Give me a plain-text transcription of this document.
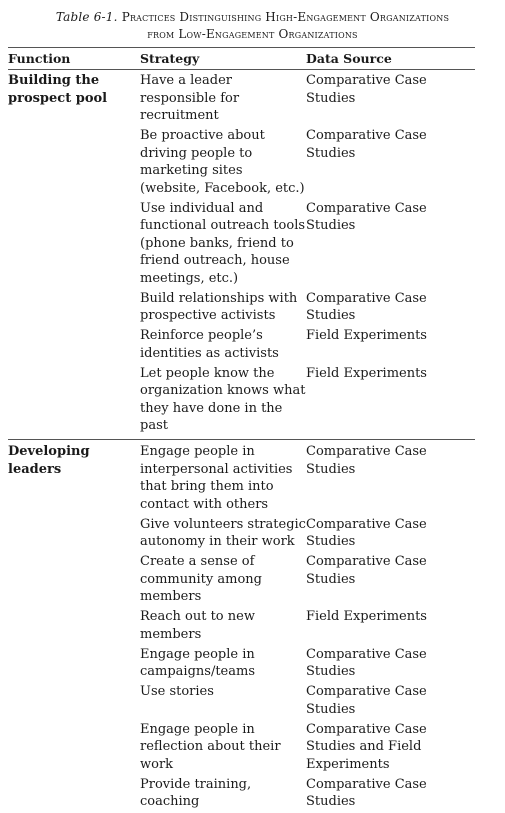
Table 6-1. Practices Distinguishing High-Engagement Organizations
from Low-Engagement Organizations
Function	Strategy	Data Source
Building the prospect pool	Have a leader responsible for recruitment	Comparative Case Studies
	Be proactive about driving people to marketing sites (website, Facebook, etc.)	Comparative Case Studies
	Use individual and functional outreach tools (phone banks, friend to friend outreach, house meetings, etc.)	Comparative Case Studies
	Build relationships with prospective activists	Comparative Case Studies
	Reinforce people’s identities as activists	Field Experiments
	Let people know the organization knows what they have done in the past	Field Experiments
Developing leaders	Engage people in interpersonal activities that bring them into contact with others	Comparative Case Studies
	Give volunteers strategic autonomy in their work	Comparative Case Studies
	Create a sense of community among members	Comparative Case Studies
	Reach out to new members	Field Experiments
	Engage people in campaigns/teams	Comparative Case Studies
	Use stories	Comparative Case Studies
	Engage people in reflection about their work	Comparative Case Studies and Field Experiments
	Provide training, coaching	Comparative Case Studies
